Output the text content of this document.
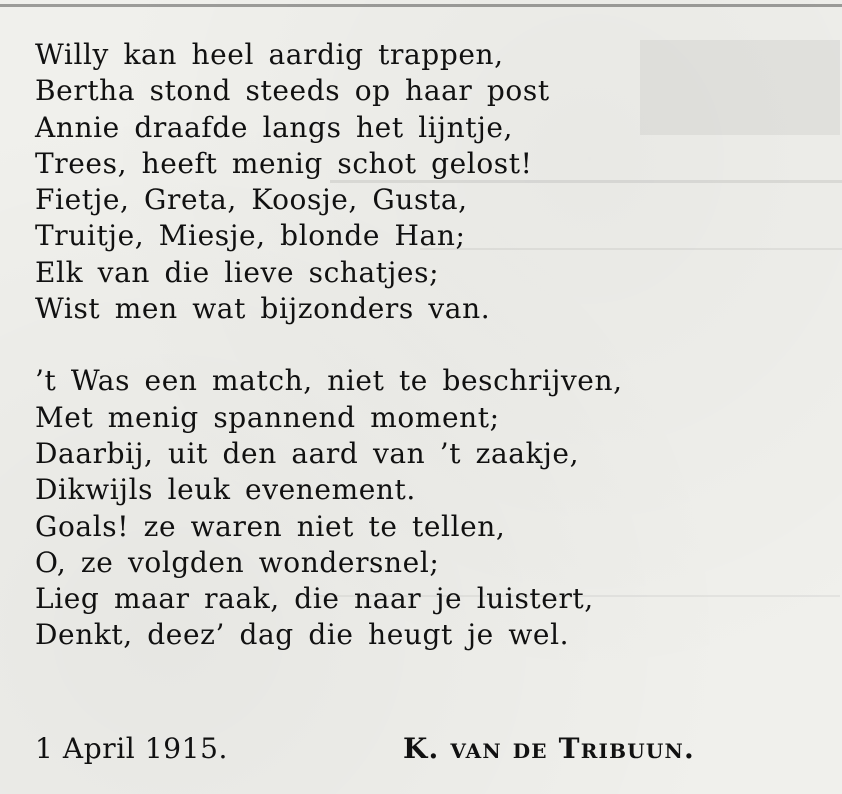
Willy kan heel aardig trappen,
Bertha stond steeds op haar post
Annie draafde langs het lijntje,
Trees, heeft menig schot gelost!
Fietje, Greta, Koosje, Gusta,
Truitje, Miesje, blonde Han;
Elk van die lieve schatjes;
Wist men wat bijzonders van.
’t Was een match, niet te beschrijven,
Met menig spannend moment;
Daarbij, uit den aard van ’t zaakje,
Dikwijls leuk evenement.
Goals! ze waren niet te tellen,
O, ze volgden wondersnel;
Lieg maar raak, die naar je luistert,
Denkt, deez’ dag die heugt je wel.
1 April 1915.	K. van de Tribuun.
